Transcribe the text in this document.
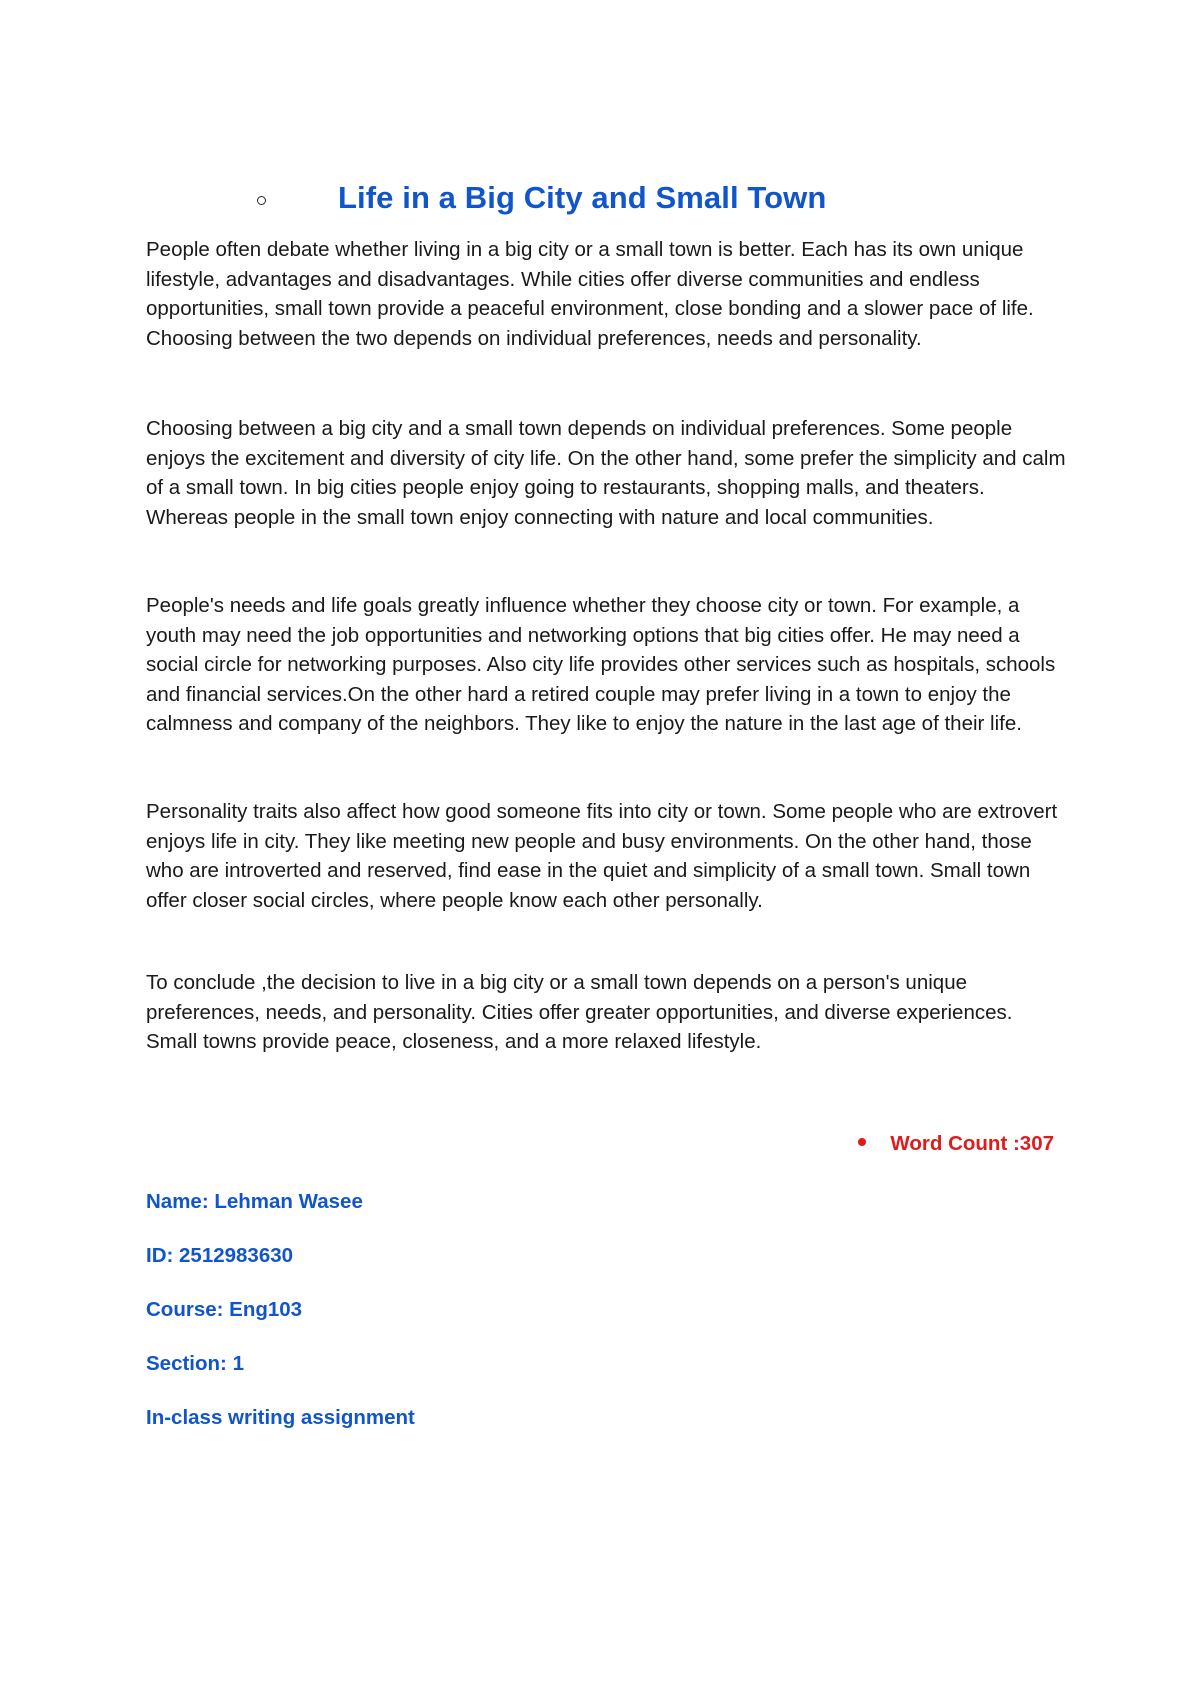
Life in a Big City and Small Town

People often debate whether living in a big city or a small town is better. Each has its own unique lifestyle, advantages and disadvantages. While cities offer diverse communities and endless opportunities, small town provide a peaceful environment, close bonding and a slower pace of life. Choosing between the two depends on individual preferences, needs and personality.

Choosing between a big city and a small town depends on individual preferences. Some people enjoys the excitement and diversity of city life. On the other hand, some prefer the simplicity and calm of a small town. In big cities people enjoy going to restaurants, shopping malls, and theaters. Whereas people in the small town enjoy connecting with nature and local communities.

People's needs and life goals greatly influence whether they choose city or town. For example, a youth may need the job opportunities and networking options that big cities offer. He may need a social circle for networking purposes. Also city life provides other services such as hospitals, schools and financial services.On the other hard a retired couple may prefer living in a town to enjoy the calmness and company of the neighbors. They like to enjoy the nature in the last age of their life.

Personality traits also affect how good someone fits into city or town. Some people who are extrovert enjoys life in city. They like meeting new people and busy environments. On the other hand, those who are introverted and reserved, find ease in the quiet and simplicity of a small town. Small town offer closer social circles, where people know each other personally.

To conclude ,the decision to live in a big city or a small town depends on a person's unique preferences, needs, and personality. Cities offer greater opportunities, and diverse experiences. Small towns provide peace, closeness, and a more relaxed lifestyle.

Word Count :307
Name: Lehman Wasee
ID: 2512983630
Course: Eng103
Section: 1
In-class writing assignment
